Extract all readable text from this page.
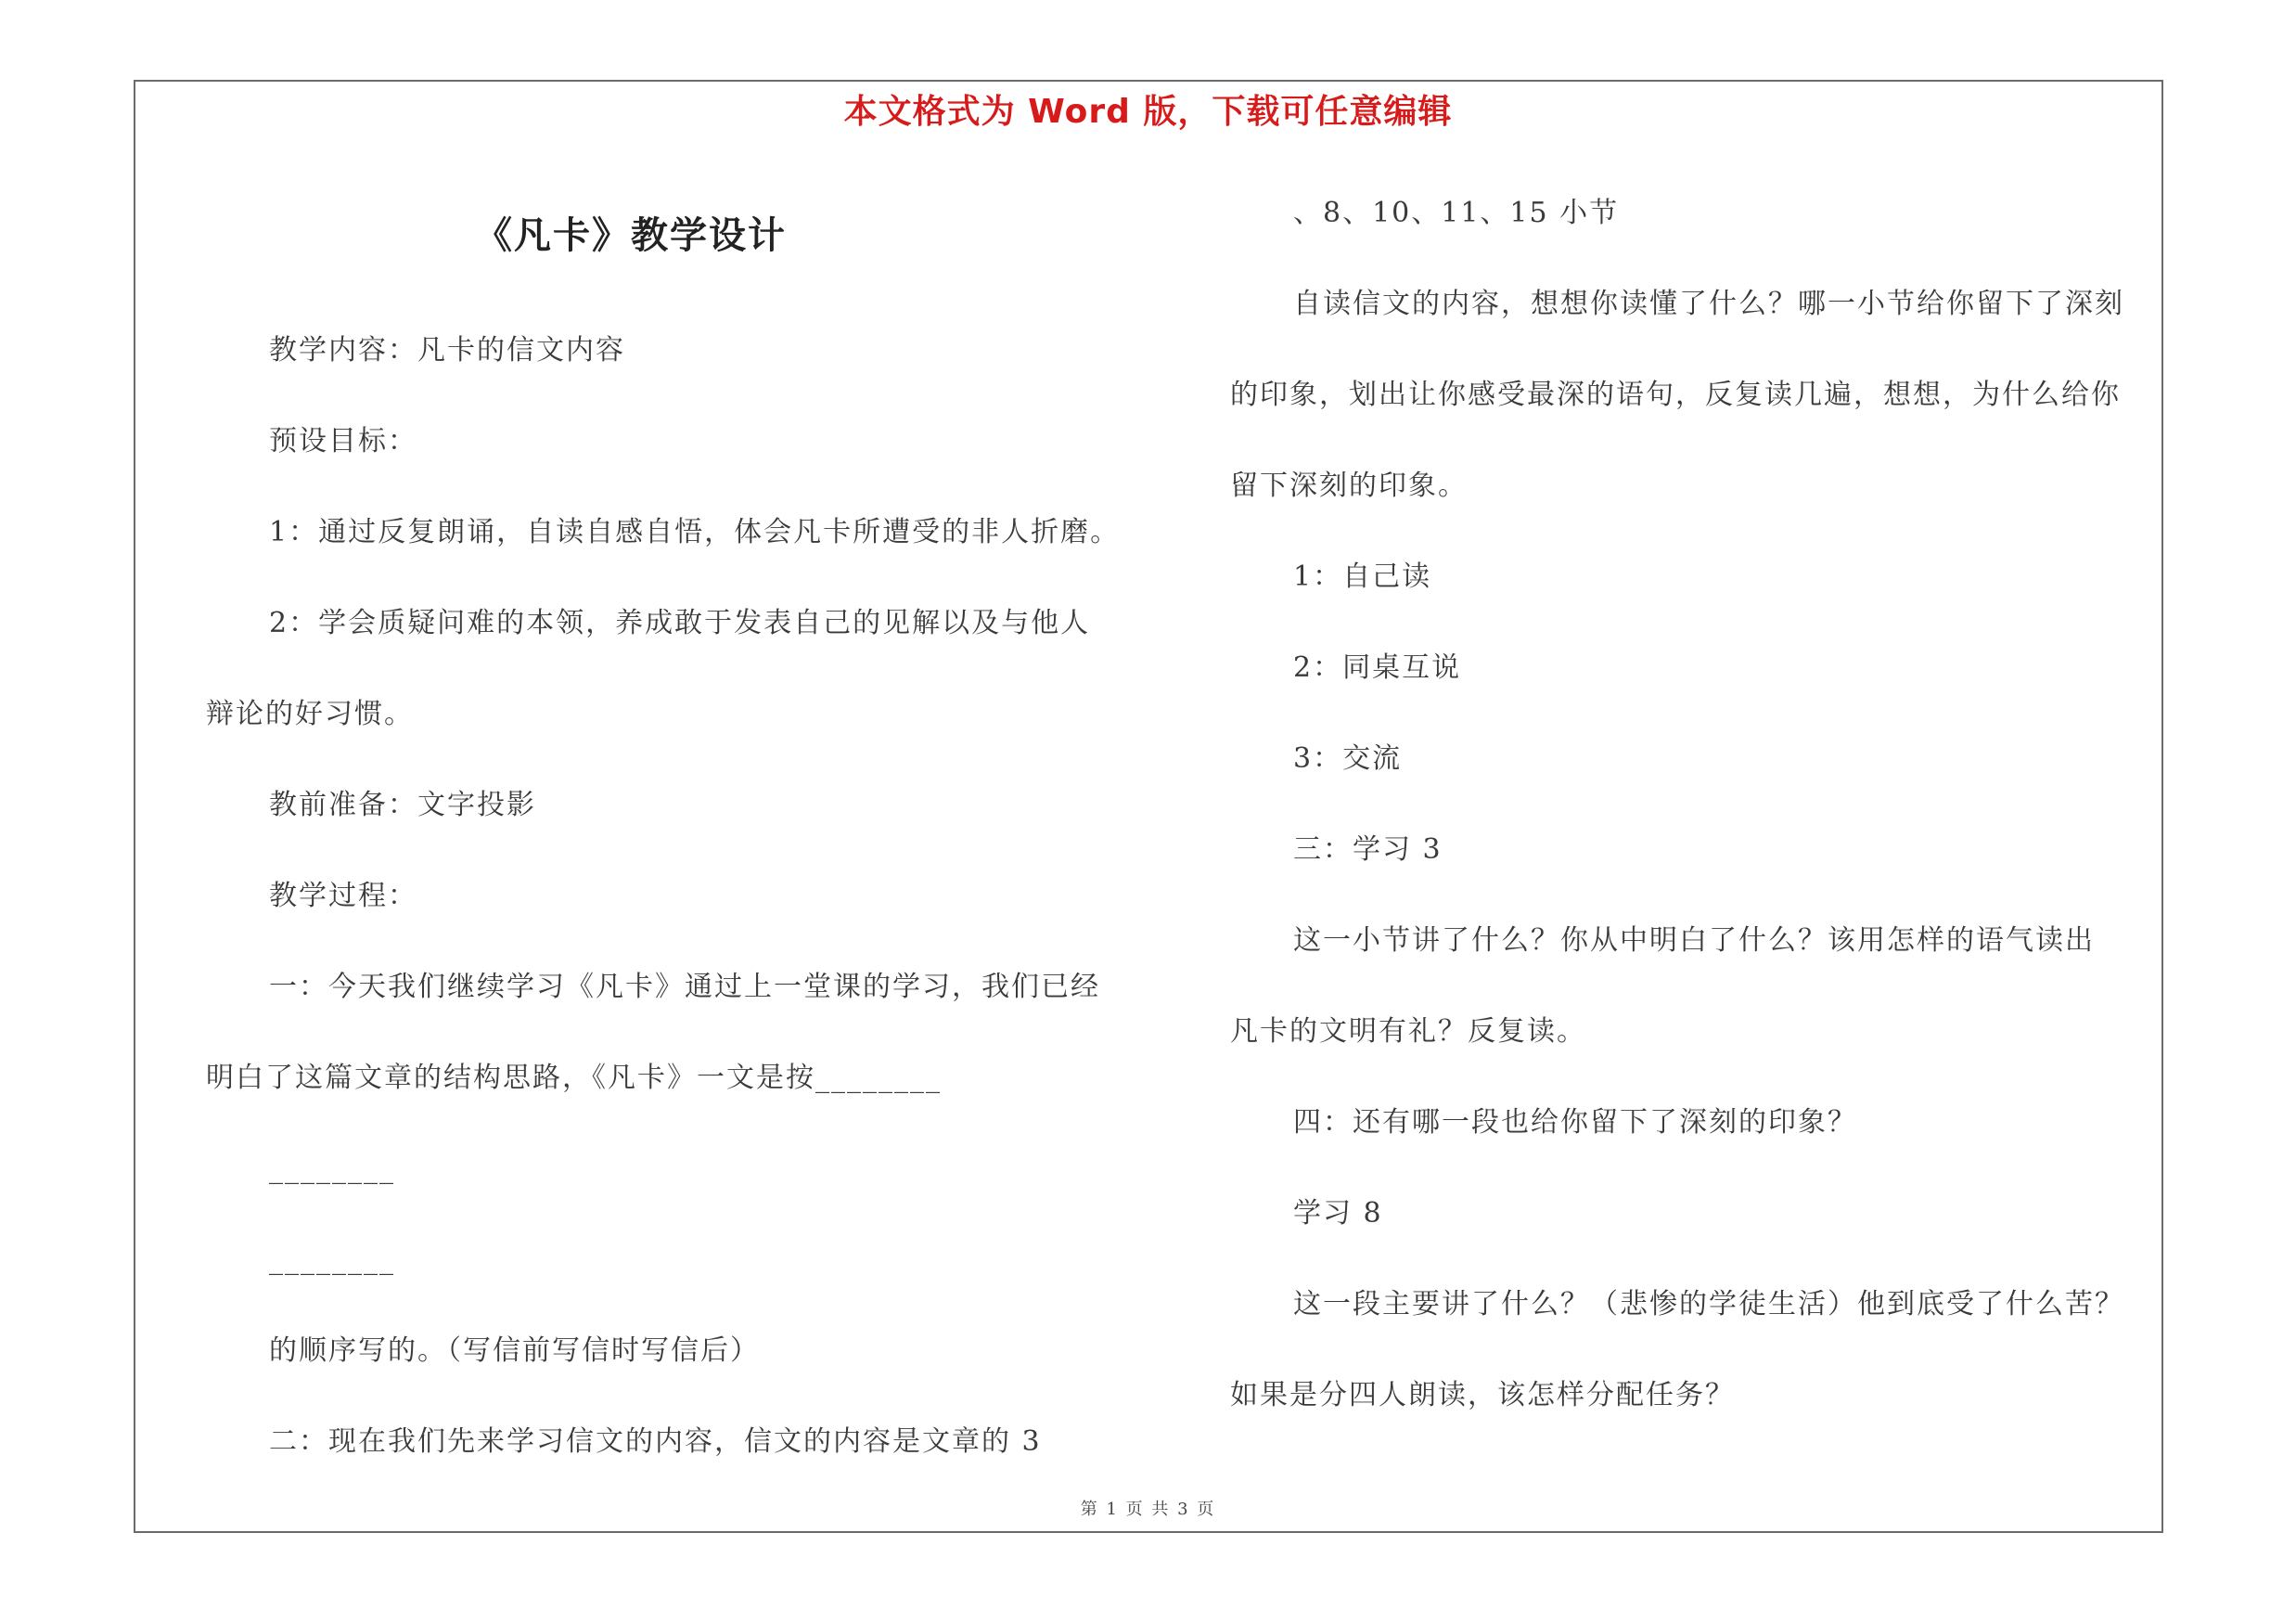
本文格式为 Word 版，下载可任意编辑
《凡卡》教学设计
教学内容：凡卡的信文内容
预设目标：
1：通过反复朗诵，自读自感自悟，体会凡卡所遭受的非人折磨。
2：学会质疑问难的本领，养成敢于发表自己的见解以及与他人
辩论的好习惯。
教前准备：文字投影
教学过程：
一：今天我们继续学习《凡卡》通过上一堂课的学习，我们已经
明白了这篇文章的结构思路，《凡卡》一文是按________
________
________
的顺序写的。（写信前写信时写信后）
二：现在我们先来学习信文的内容，信文的内容是文章的 3
、8、10、11、15 小节
自读信文的内容，想想你读懂了什么？哪一小节给你留下了深刻
的印象，划出让你感受最深的语句，反复读几遍，想想，为什么给你
留下深刻的印象。
1：自己读
2：同桌互说
3：交流
三：学习 3
这一小节讲了什么？你从中明白了什么？该用怎样的语气读出
凡卡的文明有礼？反复读。
四：还有哪一段也给你留下了深刻的印象？
学习 8
这一段主要讲了什么？（悲惨的学徒生活）他到底受了什么苦？
如果是分四人朗读，该怎样分配任务？
第 1 页 共 3 页
